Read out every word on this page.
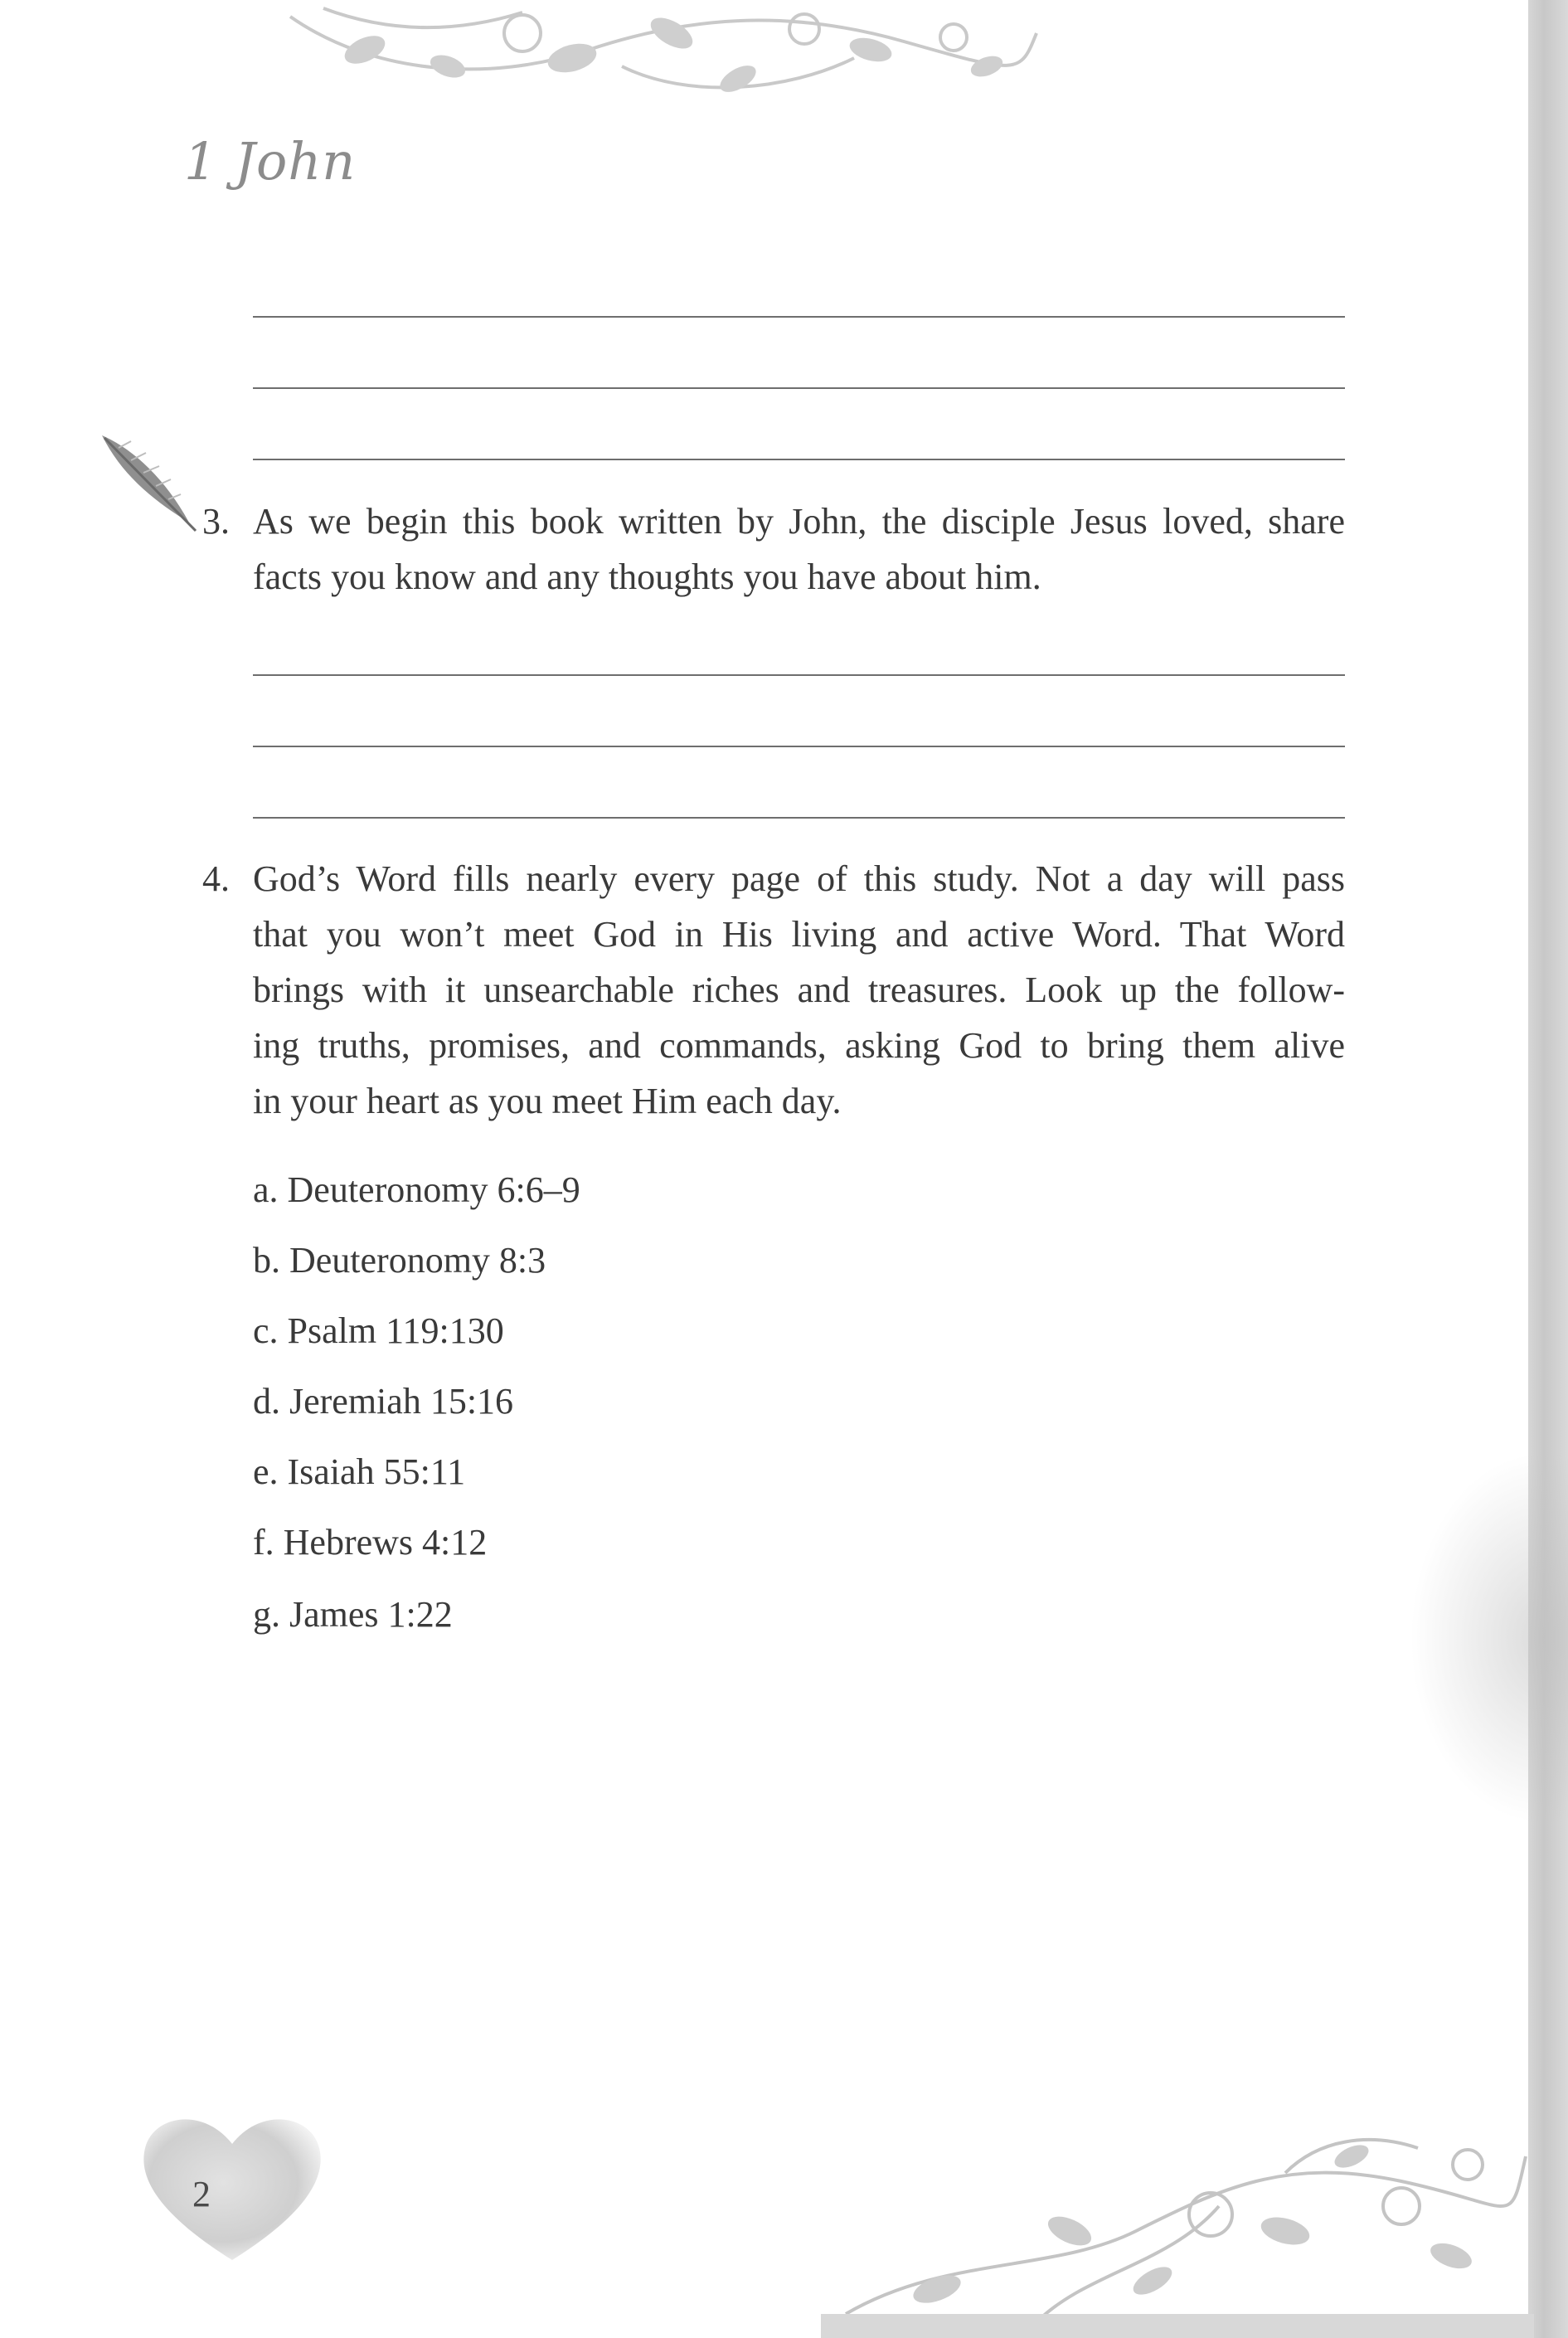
1 John
3. As we begin this book written by John, the disciple Jesus loved, share
facts you know and any thoughts you have about him.
4. God’s Word fills nearly every page of this study. Not a day will pass
that you won’t meet God in His living and active Word. That Word
brings with it unsearchable riches and treasures. Look up the follow-
ing truths, promises, and commands, asking God to bring them alive
in your heart as you meet Him each day.
a. Deuteronomy 6:6–9
b. Deuteronomy 8:3
c. Psalm 119:130
d. Jeremiah 15:16
e. Isaiah 55:11
f. Hebrews 4:12
g. James 1:22
2
